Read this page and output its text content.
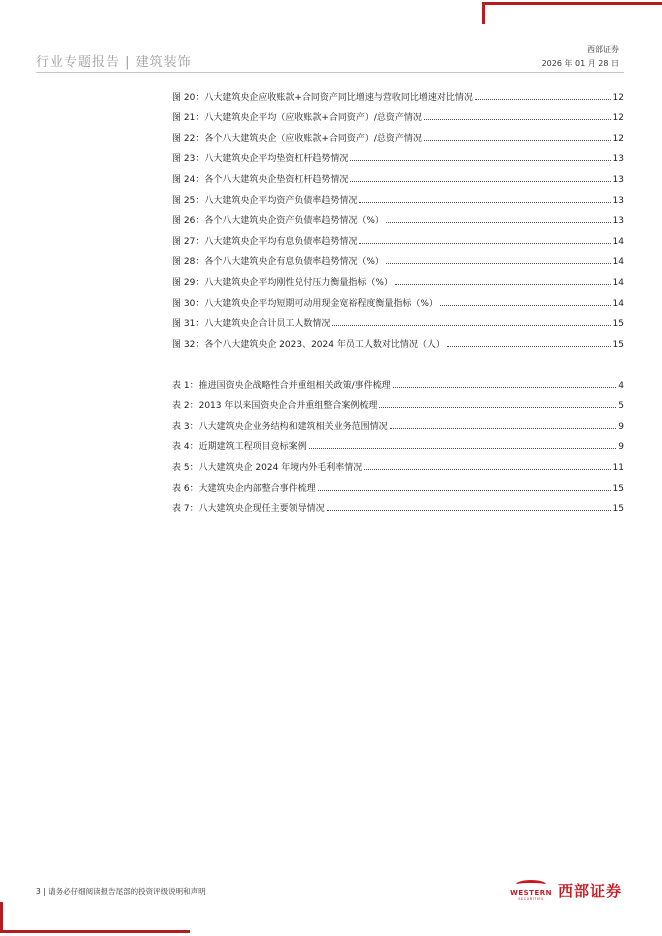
行业专题报告 | 建筑装饰
西部证券
2026 年 01 月 28 日
图 20：八大建筑央企应收账款+合同资产同比增速与营收同比增速对比情况	12
图 21：八大建筑央企平均（应收账款+合同资产）/总资产情况	12
图 22：各个八大建筑央企（应收账款+合同资产）/总资产情况	12
图 23：八大建筑央企平均垫资杠杆趋势情况	13
图 24：各个八大建筑央企垫资杠杆趋势情况	13
图 25：八大建筑央企平均资产负债率趋势情况	13
图 26：各个八大建筑央企资产负债率趋势情况（%）	13
图 27：八大建筑央企平均有息负债率趋势情况	14
图 28：各个八大建筑央企有息负债率趋势情况（%）	14
图 29：八大建筑央企平均刚性兑付压力衡量指标（%）	14
图 30：八大建筑央企平均短期可动用现金宽裕程度衡量指标（%）	14
图 31：八大建筑央企合计员工人数情况	15
图 32：各个八大建筑央企 2023、2024 年员工人数对比情况（人）	15
表 1：推进国资央企战略性合并重组相关政策/事件梳理	4
表 2：2013 年以来国资央企合并重组整合案例梳理	5
表 3：八大建筑央企业务结构和建筑相关业务范围情况	9
表 4：近期建筑工程项目竞标案例	9
表 5：八大建筑央企 2024 年境内外毛利率情况	11
表 6：大建筑央企内部整合事件梳理	15
表 7：八大建筑央企现任主要领导情况	15
3 | 请务必仔细阅读报告尾部的投资评级说明和声明	WESTERN
SECURITIES 西部证券
